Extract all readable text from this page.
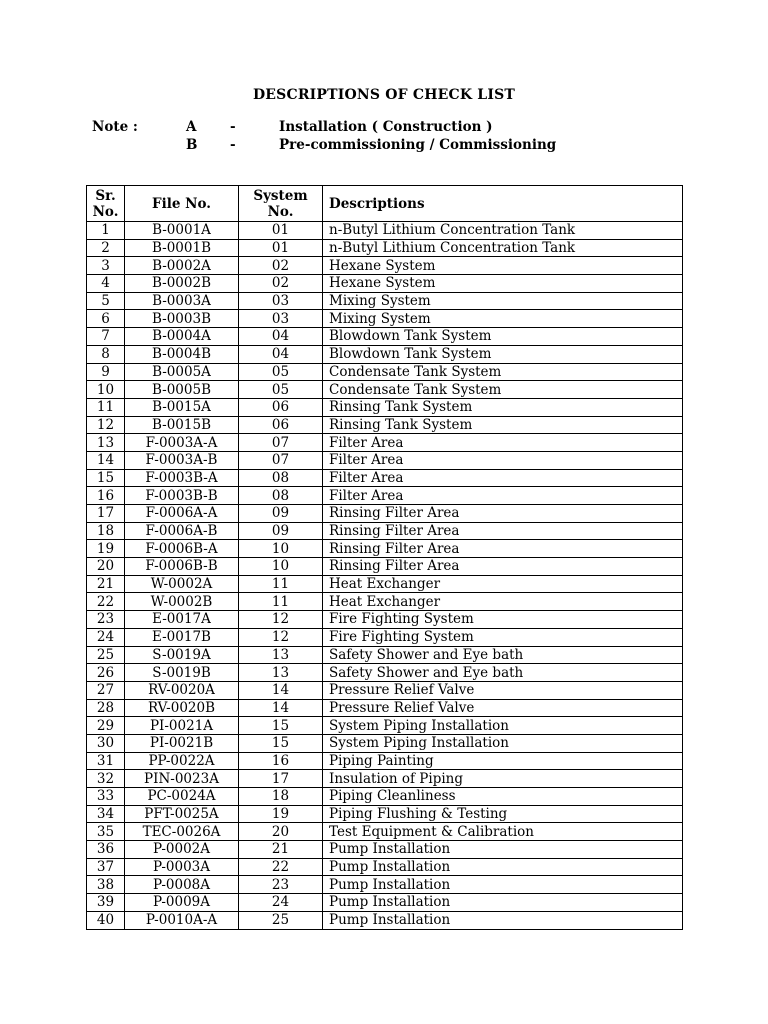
DESCRIPTIONS OF CHECK LIST
Note :	A -	Installation ( Construction )
B -	Pre-commissioning / Commissioning
Sr. No.	File No.	System No.	Descriptions
1	B-0001A	01	n-Butyl Lithium Concentration Tank
2	B-0001B	01	n-Butyl Lithium Concentration Tank
3	B-0002A	02	Hexane System
4	B-0002B	02	Hexane System
5	B-0003A	03	Mixing System
6	B-0003B	03	Mixing System
7	B-0004A	04	Blowdown Tank System
8	B-0004B	04	Blowdown Tank System
9	B-0005A	05	Condensate Tank System
10	B-0005B	05	Condensate Tank System
11	B-0015A	06	Rinsing Tank System
12	B-0015B	06	Rinsing Tank System
13	F-0003A-A	07	Filter Area
14	F-0003A-B	07	Filter Area
15	F-0003B-A	08	Filter Area
16	F-0003B-B	08	Filter Area
17	F-0006A-A	09	Rinsing Filter Area
18	F-0006A-B	09	Rinsing Filter Area
19	F-0006B-A	10	Rinsing Filter Area
20	F-0006B-B	10	Rinsing Filter Area
21	W-0002A	11	Heat Exchanger
22	W-0002B	11	Heat Exchanger
23	E-0017A	12	Fire Fighting System
24	E-0017B	12	Fire Fighting System
25	S-0019A	13	Safety Shower and Eye bath
26	S-0019B	13	Safety Shower and Eye bath
27	RV-0020A	14	Pressure Relief Valve
28	RV-0020B	14	Pressure Relief Valve
29	PI-0021A	15	System Piping Installation
30	PI-0021B	15	System Piping Installation
31	PP-0022A	16	Piping Painting
32	PIN-0023A	17	Insulation of Piping
33	PC-0024A	18	Piping Cleanliness
34	PFT-0025A	19	Piping Flushing & Testing
35	TEC-0026A	20	Test Equipment & Calibration
36	P-0002A	21	Pump Installation
37	P-0003A	22	Pump Installation
38	P-0008A	23	Pump Installation
39	P-0009A	24	Pump Installation
40	P-0010A-A	25	Pump Installation
